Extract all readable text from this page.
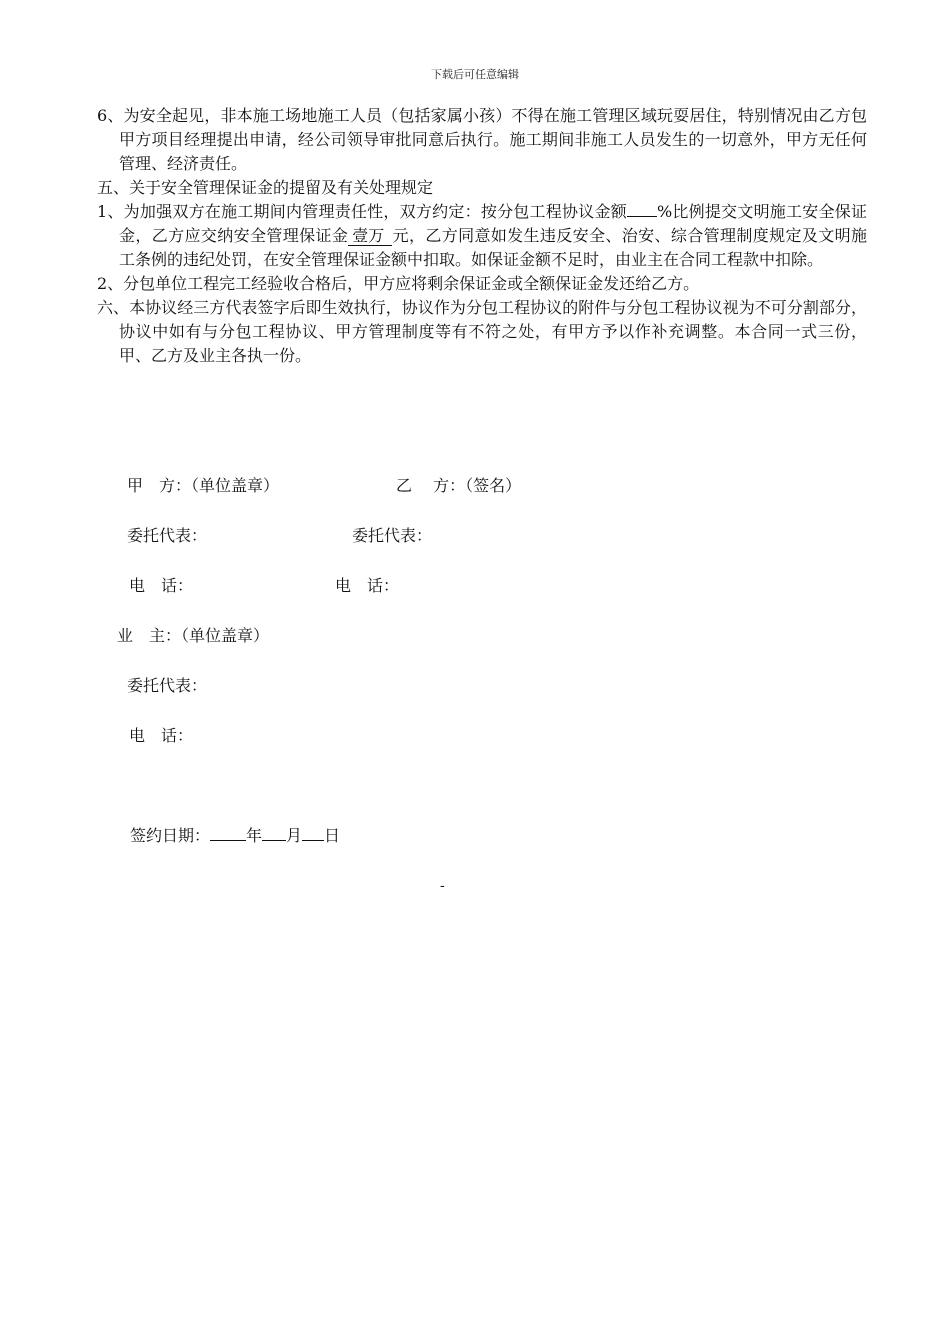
下载后可任意编辑

6、为安全起见，非本施工场地施工人员（包括家属小孩）不得在施工管理区域玩耍居住，特别情况由乙方包甲方项目经理提出申请，经公司领导审批同意后执行。施工期间非施工人员发生的一切意外，甲方无任何管理、经济责任。

五、关于安全管理保证金的提留及有关处理规定

1、为加强双方在施工期间内管理责任性，双方约定：按分包工程协议金额 %比例提交文明施工安全保证金，乙方应交纳安全管理保证金 壹万 元，乙方同意如发生违反安全、治安、综合管理制度规定及文明施工条例的违纪处罚，在安全管理保证金额中扣取。如保证金额不足时，由业主在合同工程款中扣除。

2、分包单位工程完工经验收合格后，甲方应将剩余保证金或全额保证金发还给乙方。

六、本协议经三方代表签字后即生效执行，协议作为分包工程协议的附件与分包工程协议视为不可分割部分，协议中如有与分包工程协议、甲方管理制度等有不符之处，有甲方予以作补充调整。本合同一式三份，甲、乙方及业主各执一份。

甲　方：（单位盖章）	乙　 方：（签名）
委托代表：	委托代表：
电　话：	电　话：
业　主：（单位盖章）
委托代表：
电　话：
签约日期： 年 月 日
-
